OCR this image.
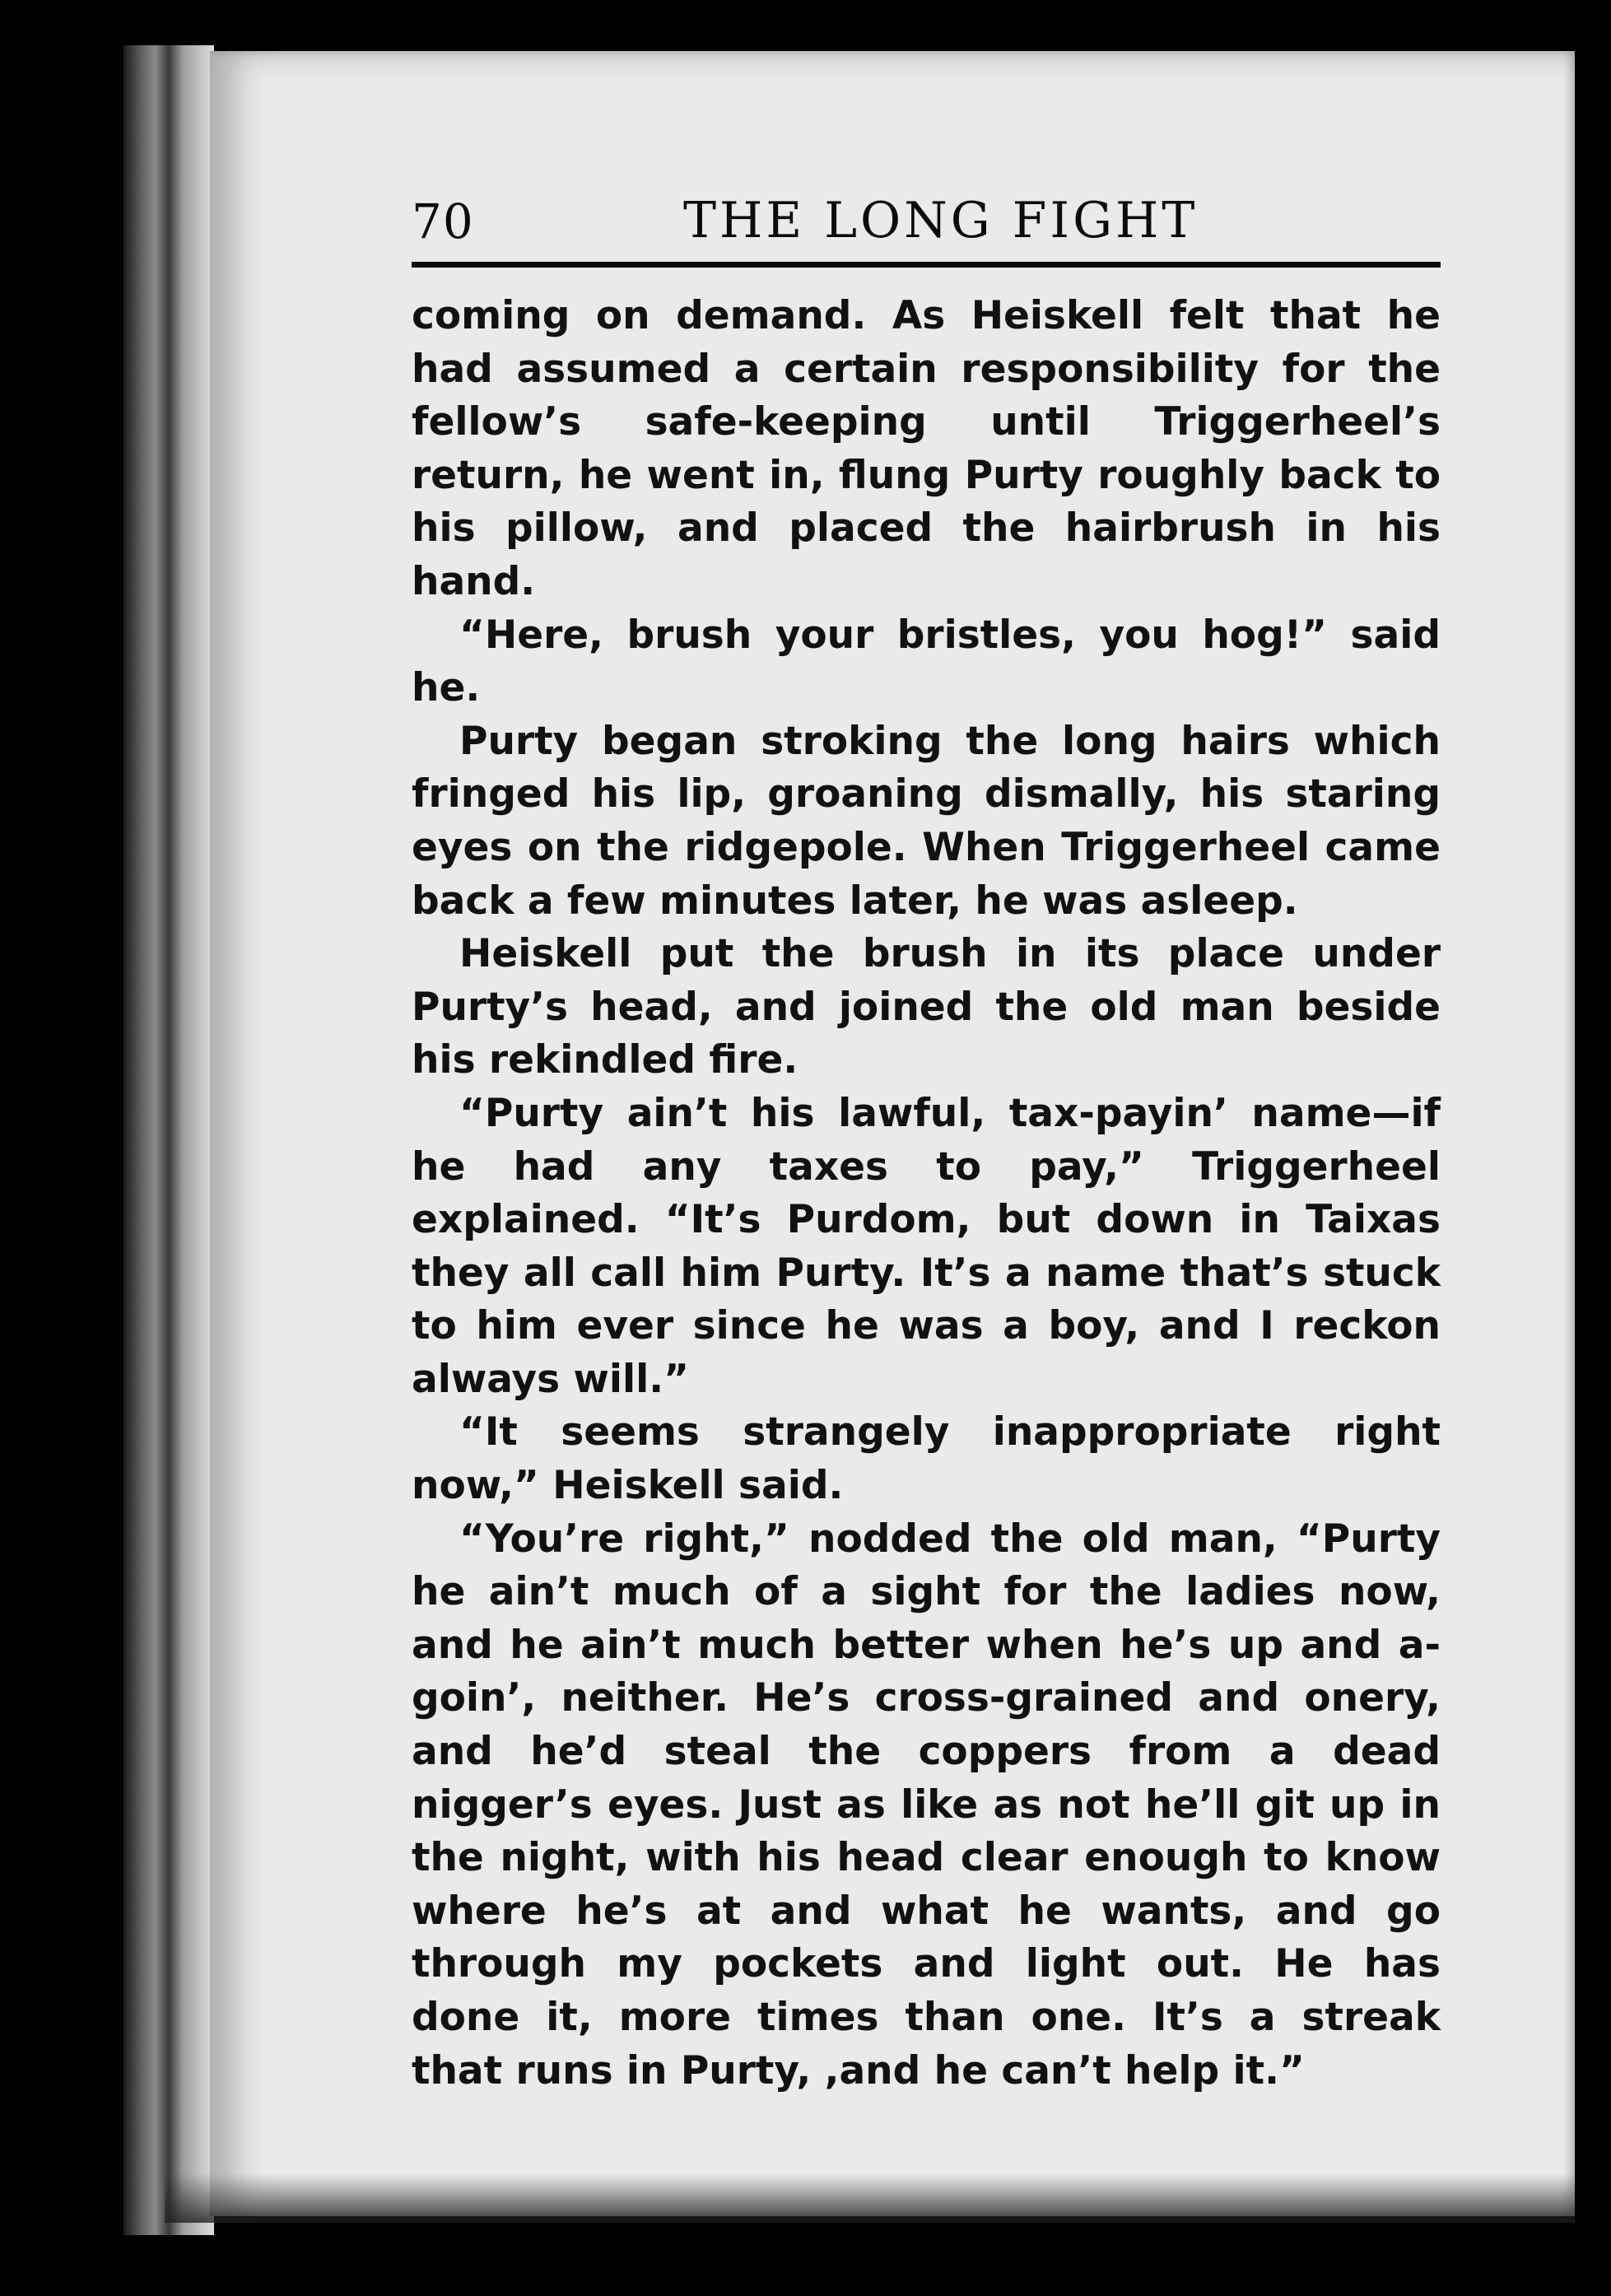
70	THE LONG FIGHT

coming on demand. As Heiskell felt that he had assumed a certain responsibility for the fellow’s safe-keeping until Triggerheel’s return, he went in, flung Purty roughly back to his pillow, and placed the hairbrush in his hand.

“Here, brush your bristles, you hog!” said he.

Purty began stroking the long hairs which fringed his lip, groaning dismally, his staring eyes on the ridgepole. When Triggerheel came back a few minutes later, he was asleep.

Heiskell put the brush in its place under Purty’s head, and joined the old man beside his rekindled fire.

“Purty ain’t his lawful, tax-payin’ name—if he had any taxes to pay,” Triggerheel explained. “It’s Purdom, but down in Taixas they all call him Purty. It’s a name that’s stuck to him ever since he was a boy, and I reckon always will.”

“It seems strangely inappropriate right now,” Heiskell said.

“You’re right,” nodded the old man, “Purty he ain’t much of a sight for the ladies now, and he ain’t much better when he’s up and a-goin’, neither. He’s cross-grained and onery, and he’d steal the coppers from a dead nigger’s eyes. Just as like as not he’ll git up in the night, with his head clear enough to know where he’s at and what he wants, and go through my pockets and light out. He has done it, more times than one. It’s a streak that runs in Purty, ,and he can’t help it.”
